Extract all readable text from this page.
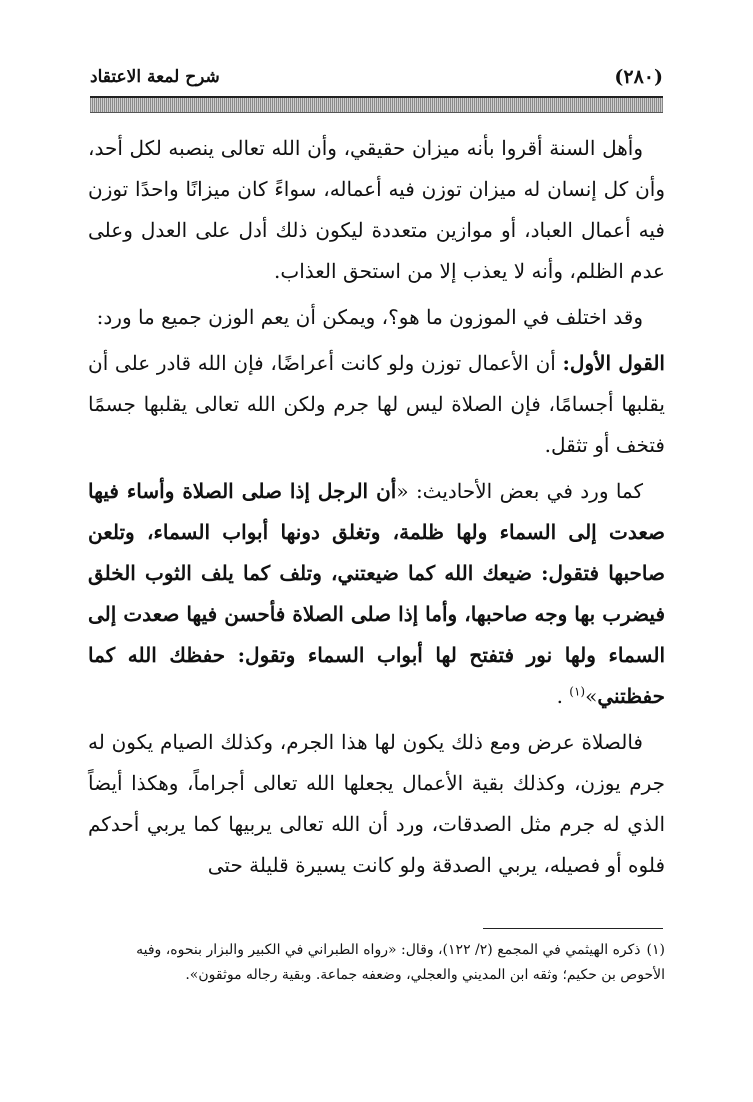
(٢٨٠)
شرح لمعة الاعتقاد

وأهل السنة أقروا بأنه ميزان حقيقي، وأن الله تعالى ينصبه لكل أحد، وأن كل إنسان له ميزان توزن فيه أعماله، سواءً كان ميزانًا واحدًا توزن فيه أعمال العباد، أو موازين متعددة ليكون ذلك أدل على العدل وعلى عدم الظلم، وأنه لا يعذب إلا من استحق العذاب.

وقد اختلف في الموزون ما هو؟، ويمكن أن يعم الوزن جميع ما ورد:

القول الأول: أن الأعمال توزن ولو كانت أعراضًا، فإن الله قادر على أن يقلبها أجسامًا، فإن الصلاة ليس لها جرم ولكن الله تعالى يقلبها جسمًا فتخف أو تثقل.

كما ورد في بعض الأحاديث: «أن الرجل إذا صلى الصلاة وأساء فيها صعدت إلى السماء ولها ظلمة، وتغلق دونها أبواب السماء، وتلعن صاحبها فتقول: ضيعك الله كما ضيعتني، وتلف كما يلف الثوب الخلق فيضرب بها وجه صاحبها، وأما إذا صلى الصلاة فأحسن فيها صعدت إلى السماء ولها نور فتفتح لها أبواب السماء وتقول: حفظك الله كما حفظتني»$^{(١)}$ .

فالصلاة عرض ومع ذلك يكون لها هذا الجرم، وكذلك الصيام يكون له جرم يوزن، وكذلك بقية الأعمال يجعلها الله تعالى أجراماً، وهكذا أيضاً الذي له جرم مثل الصدقات، ورد أن الله تعالى يربيها كما يربي أحدكم فلوه أو فصيله، يربي الصدقة ولو كانت يسيرة قليلة حتى

(١)ذكره الهيثمي في المجمع (٢/ ١٢٢)، وقال: «رواه الطبراني في الكبير والبزار بنحوه، وفيه الأحوص بن حكيم؛ وثقه ابن المديني والعجلي، وضعفه جماعة. وبقية رجاله موثقون».
